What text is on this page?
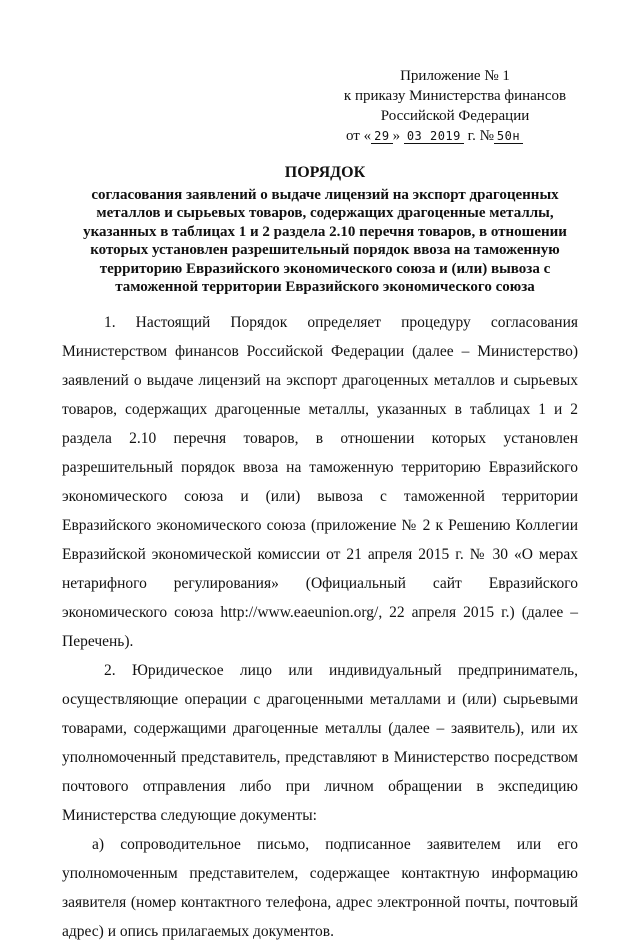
Приложение № 1
к приказу Министерства финансов
Российской Федерации
от « 29 » 03 2019 г. № 50н
ПОРЯДОК
согласования заявлений о выдаче лицензий на экспорт драгоценных металлов и сырьевых товаров, содержащих драгоценные металлы, указанных в таблицах 1 и 2 раздела 2.10 перечня товаров, в отношении которых установлен разрешительный порядок ввоза на таможенную территорию Евразийского экономического союза и (или) вывоза с таможенной территории Евразийского экономического союза

1. Настоящий Порядок определяет процедуру согласования Министерством финансов Российской Федерации (далее – Министерство) заявлений о выдаче лицензий на экспорт драгоценных металлов и сырьевых товаров, содержащих драгоценные металлы, указанных в таблицах 1 и 2 раздела 2.10 перечня товаров, в отношении которых установлен разрешительный порядок ввоза на таможенную территорию Евразийского экономического союза и (или) вывоза с таможенной территории Евразийского экономического союза (приложение № 2 к Решению Коллегии Евразийской экономической комиссии от 21 апреля 2015 г. № 30 «О мерах нетарифного регулирования» (Официальный сайт Евразийского экономического союза http://www.eaeunion.org/, 22 апреля 2015 г.) (далее – Перечень).

2. Юридическое лицо или индивидуальный предприниматель, осуществляющие операции с драгоценными металлами и (или) сырьевыми товарами, содержащими драгоценные металлы (далее – заявитель), или их уполномоченный представитель, представляют в Министерство посредством почтового отправления либо при личном обращении в экспедицию Министерства следующие документы:

а) сопроводительное письмо, подписанное заявителем или его уполномоченным представителем, содержащее контактную информацию заявителя (номер контактного телефона, адрес электронной почты, почтовый адрес) и опись прилагаемых документов.
